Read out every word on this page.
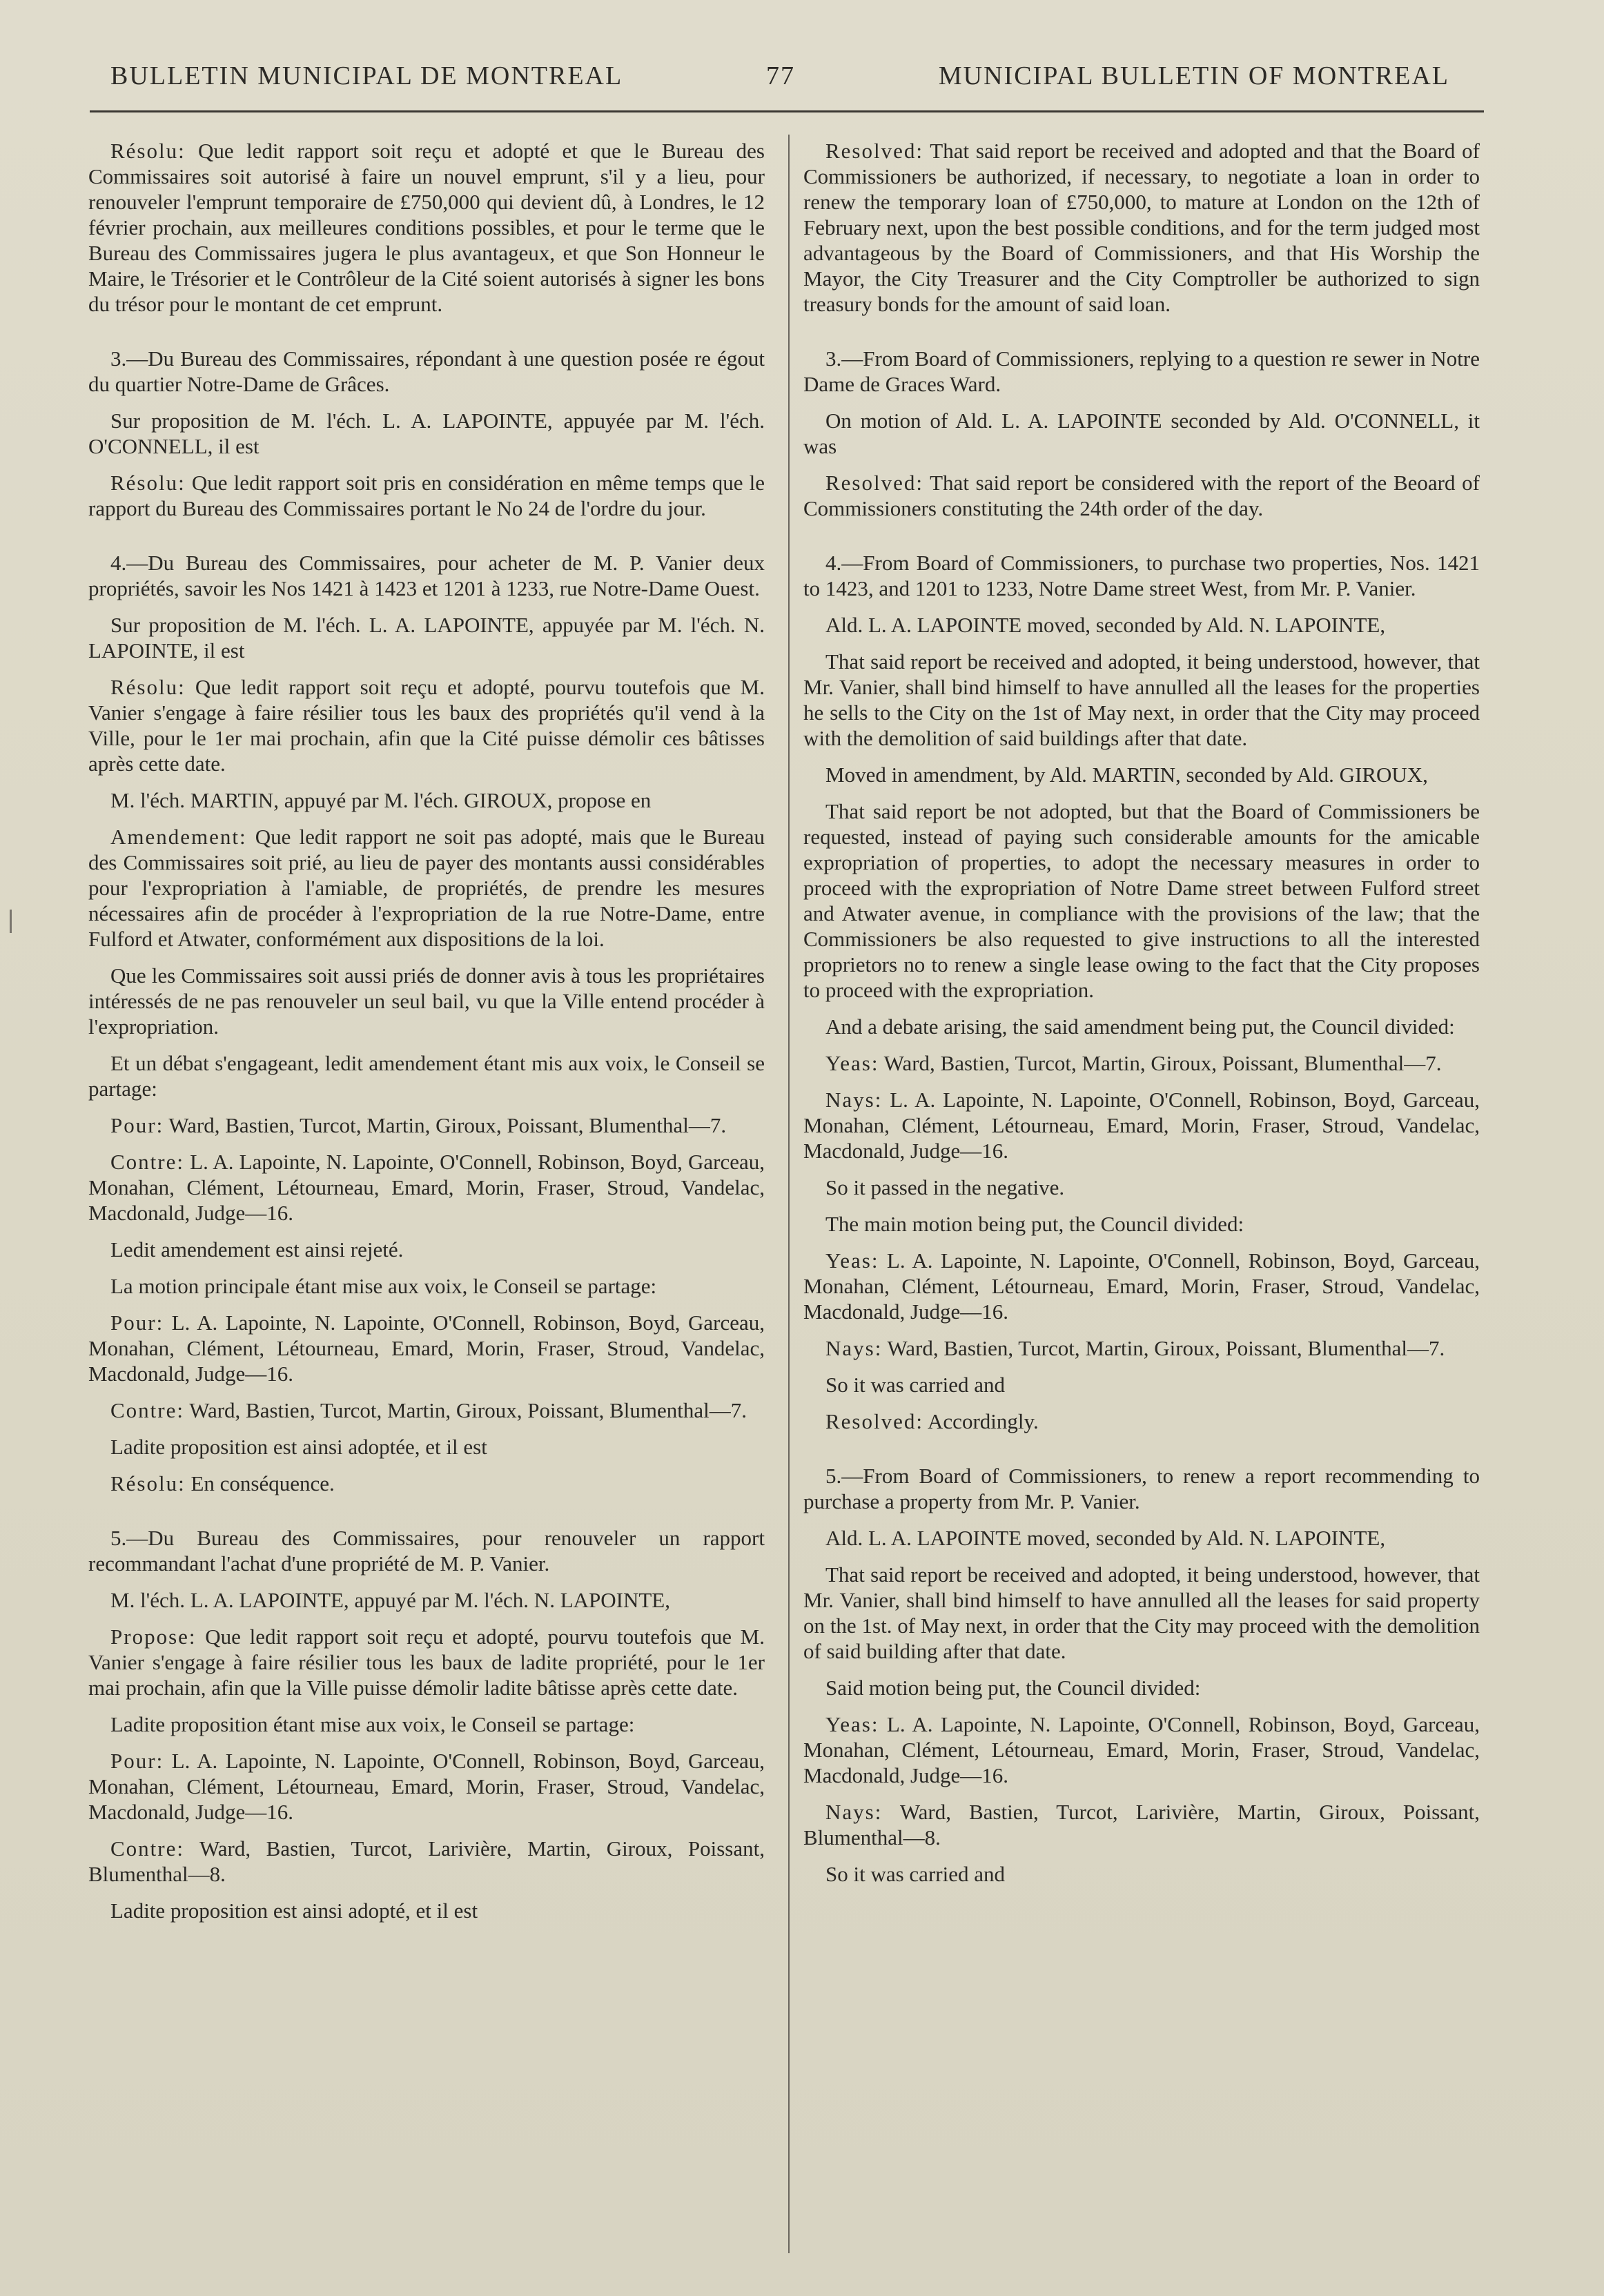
BULLETIN MUNICIPAL DE MONTREAL	77	MUNICIPAL BULLETIN OF MONTREAL

Résolu: Que ledit rapport soit reçu et adopté et que le Bureau des Commissaires soit autorisé à faire un nouvel emprunt, s'il y a lieu, pour renouveler l'emprunt temporaire de £750,000 qui devient dû, à Londres, le 12 février prochain, aux meilleures conditions possibles, et pour le terme que le Bureau des Commissaires jugera le plus avantageux, et que Son Honneur le Maire, le Trésorier et le Contrôleur de la Cité soient autorisés à signer les bons du trésor pour le montant de cet emprunt.

3.—Du Bureau des Commissaires, répondant à une question posée re égout du quartier Notre-Dame de Grâces.

Sur proposition de M. l'éch. L. A. LAPOINTE, appuyée par M. l'éch. O'CONNELL, il est

Résolu: Que ledit rapport soit pris en considération en même temps que le rapport du Bureau des Commissaires portant le No 24 de l'ordre du jour.

4.—Du Bureau des Commissaires, pour acheter de M. P. Vanier deux propriétés, savoir les Nos 1421 à 1423 et 1201 à 1233, rue Notre-Dame Ouest.

Sur proposition de M. l'éch. L. A. LAPOINTE, appuyée par M. l'éch. N. LAPOINTE, il est

Résolu: Que ledit rapport soit reçu et adopté, pourvu toutefois que M. Vanier s'engage à faire résilier tous les baux des propriétés qu'il vend à la Ville, pour le 1er mai prochain, afin que la Cité puisse démolir ces bâtisses après cette date.

M. l'éch. MARTIN, appuyé par M. l'éch. GIROUX, propose en

Amendement: Que ledit rapport ne soit pas adopté, mais que le Bureau des Commissaires soit prié, au lieu de payer des montants aussi considérables pour l'expropriation à l'amiable, de propriétés, de prendre les mesures nécessaires afin de procéder à l'expropriation de la rue Notre-Dame, entre Fulford et Atwater, conformément aux dispositions de la loi.

Que les Commissaires soit aussi priés de donner avis à tous les propriétaires intéressés de ne pas renouveler un seul bail, vu que la Ville entend procéder à l'expropriation.

Et un débat s'engageant, ledit amendement étant mis aux voix, le Conseil se partage:

Pour: Ward, Bastien, Turcot, Martin, Giroux, Poissant, Blumenthal—7.

Contre: L. A. Lapointe, N. Lapointe, O'Connell, Robinson, Boyd, Garceau, Monahan, Clément, Létourneau, Emard, Morin, Fraser, Stroud, Vandelac, Macdonald, Judge—16.

Ledit amendement est ainsi rejeté.

La motion principale étant mise aux voix, le Conseil se partage:

Pour: L. A. Lapointe, N. Lapointe, O'Connell, Robinson, Boyd, Garceau, Monahan, Clément, Létourneau, Emard, Morin, Fraser, Stroud, Vandelac, Macdonald, Judge—16.

Contre: Ward, Bastien, Turcot, Martin, Giroux, Poissant, Blumenthal—7.

Ladite proposition est ainsi adoptée, et il est

Résolu: En conséquence.

5.—Du Bureau des Commissaires, pour renouveler un rapport recommandant l'achat d'une propriété de M. P. Vanier.

M. l'éch. L. A. LAPOINTE, appuyé par M. l'éch. N. LAPOINTE,

Propose: Que ledit rapport soit reçu et adopté, pourvu toutefois que M. Vanier s'engage à faire résilier tous les baux de ladite propriété, pour le 1er mai prochain, afin que la Ville puisse démolir ladite bâtisse après cette date.

Ladite proposition étant mise aux voix, le Conseil se partage:

Pour: L. A. Lapointe, N. Lapointe, O'Connell, Robinson, Boyd, Garceau, Monahan, Clément, Létourneau, Emard, Morin, Fraser, Stroud, Vandelac, Macdonald, Judge—16.

Contre: Ward, Bastien, Turcot, Larivière, Martin, Giroux, Poissant, Blumenthal—8.

Ladite proposition est ainsi adopté, et il est

Resolved: That said report be received and adopted and that the Board of Commissioners be authorized, if necessary, to negotiate a loan in order to renew the temporary loan of £750,000, to mature at London on the 12th of February next, upon the best possible conditions, and for the term judged most advantageous by the Board of Commissioners, and that His Worship the Mayor, the City Treasurer and the City Comptroller be authorized to sign treasury bonds for the amount of said loan.

3.—From Board of Commissioners, replying to a question re sewer in Notre Dame de Graces Ward.

On motion of Ald. L. A. LAPOINTE seconded by Ald. O'CONNELL, it was

Resolved: That said report be considered with the report of the Beoard of Commissioners constituting the 24th order of the day.

4.—From Board of Commissioners, to purchase two properties, Nos. 1421 to 1423, and 1201 to 1233, Notre Dame street West, from Mr. P. Vanier.

Ald. L. A. LAPOINTE moved, seconded by Ald. N. LAPOINTE,

That said report be received and adopted, it being understood, however, that Mr. Vanier, shall bind himself to have annulled all the leases for the properties he sells to the City on the 1st of May next, in order that the City may proceed with the demolition of said buildings after that date.

Moved in amendment, by Ald. MARTIN, seconded by Ald. GIROUX,

That said report be not adopted, but that the Board of Commissioners be requested, instead of paying such considerable amounts for the amicable expropriation of properties, to adopt the necessary measures in order to proceed with the expropriation of Notre Dame street between Fulford street and Atwater avenue, in compliance with the provisions of the law; that the Commissioners be also requested to give instructions to all the interested proprietors no to renew a single lease owing to the fact that the City proposes to proceed with the expropriation.

And a debate arising, the said amendment being put, the Council divided:

Yeas: Ward, Bastien, Turcot, Martin, Giroux, Poissant, Blumenthal—7.

Nays: L. A. Lapointe, N. Lapointe, O'Connell, Robinson, Boyd, Garceau, Monahan, Clément, Létourneau, Emard, Morin, Fraser, Stroud, Vandelac, Macdonald, Judge—16.

So it passed in the negative.

The main motion being put, the Council divided:

Yeas: L. A. Lapointe, N. Lapointe, O'Connell, Robinson, Boyd, Garceau, Monahan, Clément, Létourneau, Emard, Morin, Fraser, Stroud, Vandelac, Macdonald, Judge—16.

Nays: Ward, Bastien, Turcot, Martin, Giroux, Poissant, Blumenthal—7.

So it was carried and

Resolved: Accordingly.

5.—From Board of Commissioners, to renew a report recommending to purchase a property from Mr. P. Vanier.

Ald. L. A. LAPOINTE moved, seconded by Ald. N. LAPOINTE,

That said report be received and adopted, it being understood, however, that Mr. Vanier, shall bind himself to have annulled all the leases for said property on the 1st. of May next, in order that the City may proceed with the demolition of said building after that date.

Said motion being put, the Council divided:

Yeas: L. A. Lapointe, N. Lapointe, O'Connell, Robinson, Boyd, Garceau, Monahan, Clément, Létourneau, Emard, Morin, Fraser, Stroud, Vandelac, Macdonald, Judge—16.

Nays: Ward, Bastien, Turcot, Larivière, Martin, Giroux, Poissant, Blumenthal—8.

So it was carried and
